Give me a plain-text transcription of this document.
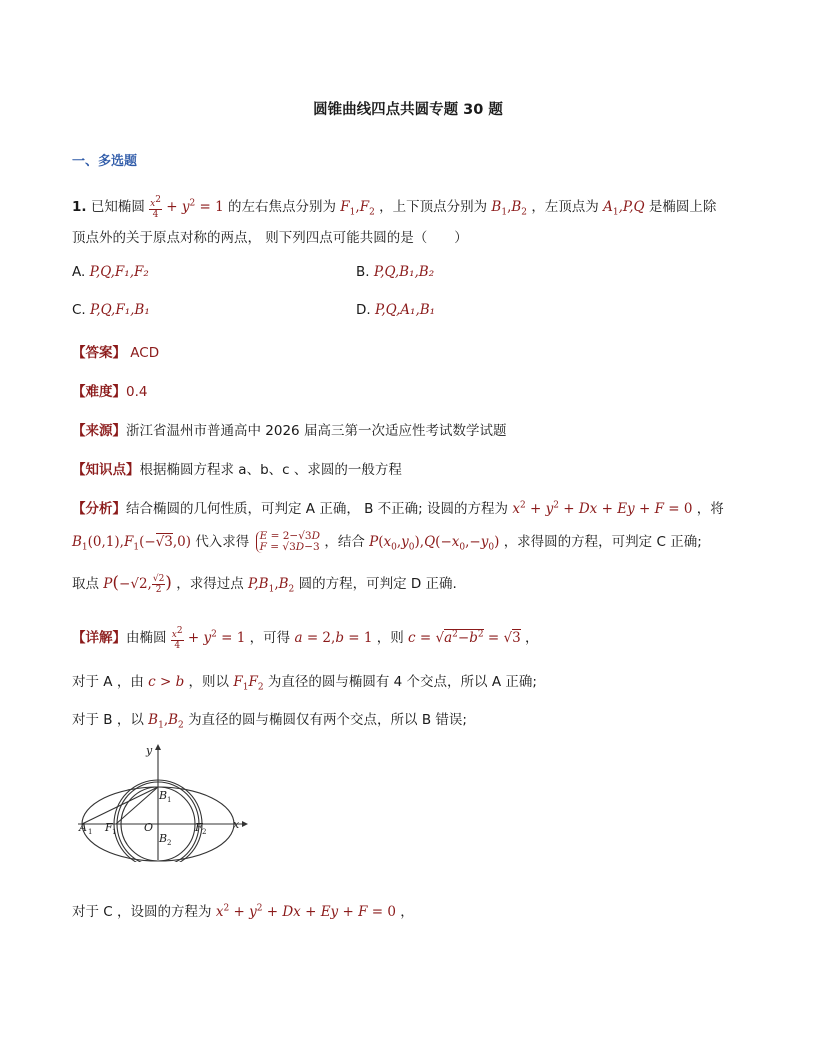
圆锥曲线四点共圆专题 30 题
一、多选题
1. 已知椭圆 $\frac{x^2}{4} + y^2 = 1$ 的左右焦点分别为 $F_1,F_2$ ，上下顶点分别为 $B_1,B_2$ ，左顶点为 $A_1,P,Q$ 是椭圆上除
顶点外的关于原点对称的两点， 则下列四点可能共圆的是（　　）
A. P,Q,F₁,F₂	B. P,Q,B₁,B₂
C. P,Q,F₁,B₁	D. P,Q,A₁,B₁
【答案】 ACD
【难度】0.4
【来源】浙江省温州市普通高中 2026 届高三第一次适应性考试数学试题
【知识点】根据椭圆方程求 a、b、c 、求圆的一般方程
【分析】结合椭圆的几何性质，可判定 A 正确， B 不正确; 设圆的方程为 $x^2 + y^2 + Dx + Ey + F = 0$ ，将
$B_1(0,1),F_1(-√3,0)$ 代入求得 E = 2−√3D
F = √3D−3 ，结合 $P(x_0,y_0),Q(-x_0,-y_0)$ ，求得圆的方程，可判定 C 正确;
取点 P(−√2, $\frac{√2}{2}$ ) ，求得过点 $P,B_1,B_2$ 圆的方程，可判定 D 正确.
【详解】由椭圆 $\frac{x^2}{4} + y^2 = 1$ ，可得 a = 2,b = 1 ，则 $c = √a^2-b^2 = √3$ ，
对于 A ，由 c > b ，则以 $F_1F_2$ 为直径的圆与椭圆有 4 个交点，所以 A 正确;
对于 B ，以 $B_1,B_2$ 为直径的圆与椭圆仅有两个交点，所以 B 错误;
y
x
O
A 1 F 1	F 2
B 1
B 2
对于 C ，设圆的方程为 $x^2 + y^2 + Dx + Ey + F = 0$ ，
